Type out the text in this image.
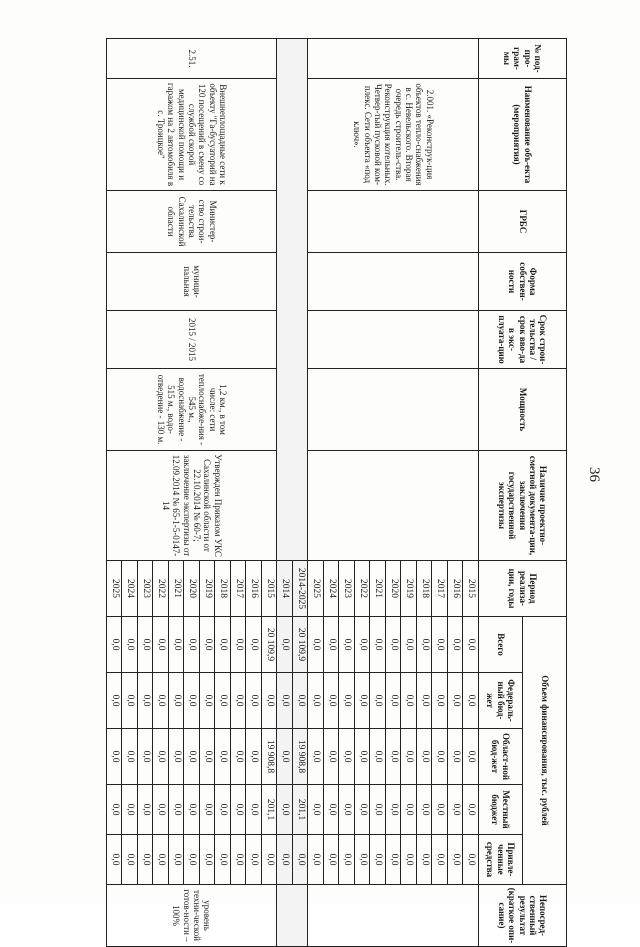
36
№ под-про-грам-мы	Наименование объ-екта (мероприятия)	ГРБС	Форма собствен-ности	Срок строи-тельства / срок вво-да в экс-плуата-цию	Мощность	Наличие проектно-сметной документа-ции, заключения государственной экспертизы	Период реализа-ции, годы	Объем финансирования, тыс. рублей					Непосред-ственный результат (краткое опи-сание)
								Всего	Федераль-ный бюд-жет	Област-ной бюд-жет	Местный бюджет	Привле-ченные средства	
	2.001. «Реконструк-ция объектов тепло-снабжения в с. Невельского. Вторая очередь строитель-ства. Реконструкция котельных. Четвер-тый пусковой ком-плекс. Сети объекта «под ключ».						2015	0,0	0,0	0,0	0,0	0,0	
							2016	0,0	0,0	0,0	0,0	0,0	
							2017	0,0	0,0	0,0	0,0	0,0	
							2018	0,0	0,0	0,0	0,0	0,0	
							2019	0,0	0,0	0,0	0,0	0,0	
							2020	0,0	0,0	0,0	0,0	0,0	
							2021	0,0	0,0	0,0	0,0	0,0	
							2022	0,0	0,0	0,0	0,0	0,0	
							2023	0,0	0,0	0,0	0,0	0,0	
							2024	0,0	0,0	0,0	0,0	0,0	
							2025	0,0	0,0	0,0	0,0	0,0	
							2014-2025	20 109,9	0,0	19 908,8	201,1	0,0	
							2014	0,0	0,0	0,0	0,0	0,0	
2.51.	Внешнеплощадные сети к объекту "Га-бусуаторий на 120 посещений в смену со службой скорой медицинской помощи и гаражом на 2 автомобиля в с. Троицкое"	Министер-ство строи-тельства Сахалинской области	муници-пальная	2015 / 2015	1,2 км., в том числе: сети теплоснабже-ния - 545 м., водоснабжение - 515 м., водо-отведение - 130 м.	Утвержден Приказом УКС Сахалинской области от 22.10.2014 № 60-7; заключение экспертизы от 12.09.2014 № 65-1-5-0147-14	2015	20 109,9	0,0	19 908,8	201,1	0,0	уровень техни-ческой готов-ности – 100%
							2016	0,0	0,0	0,0	0,0	0,0	
							2017	0,0	0,0	0,0	0,0	0,0	
							2018	0,0	0,0	0,0	0,0	0,0	
							2019	0,0	0,0	0,0	0,0	0,0	
							2020	0,0	0,0	0,0	0,0	0,0	
							2021	0,0	0,0	0,0	0,0	0,0	
							2022	0,0	0,0	0,0	0,0	0,0	
							2023	0,0	0,0	0,0	0,0	0,0	
							2024	0,0	0,0	0,0	0,0	0,0	
							2025	0,0	0,0	0,0	0,0	0,0	
